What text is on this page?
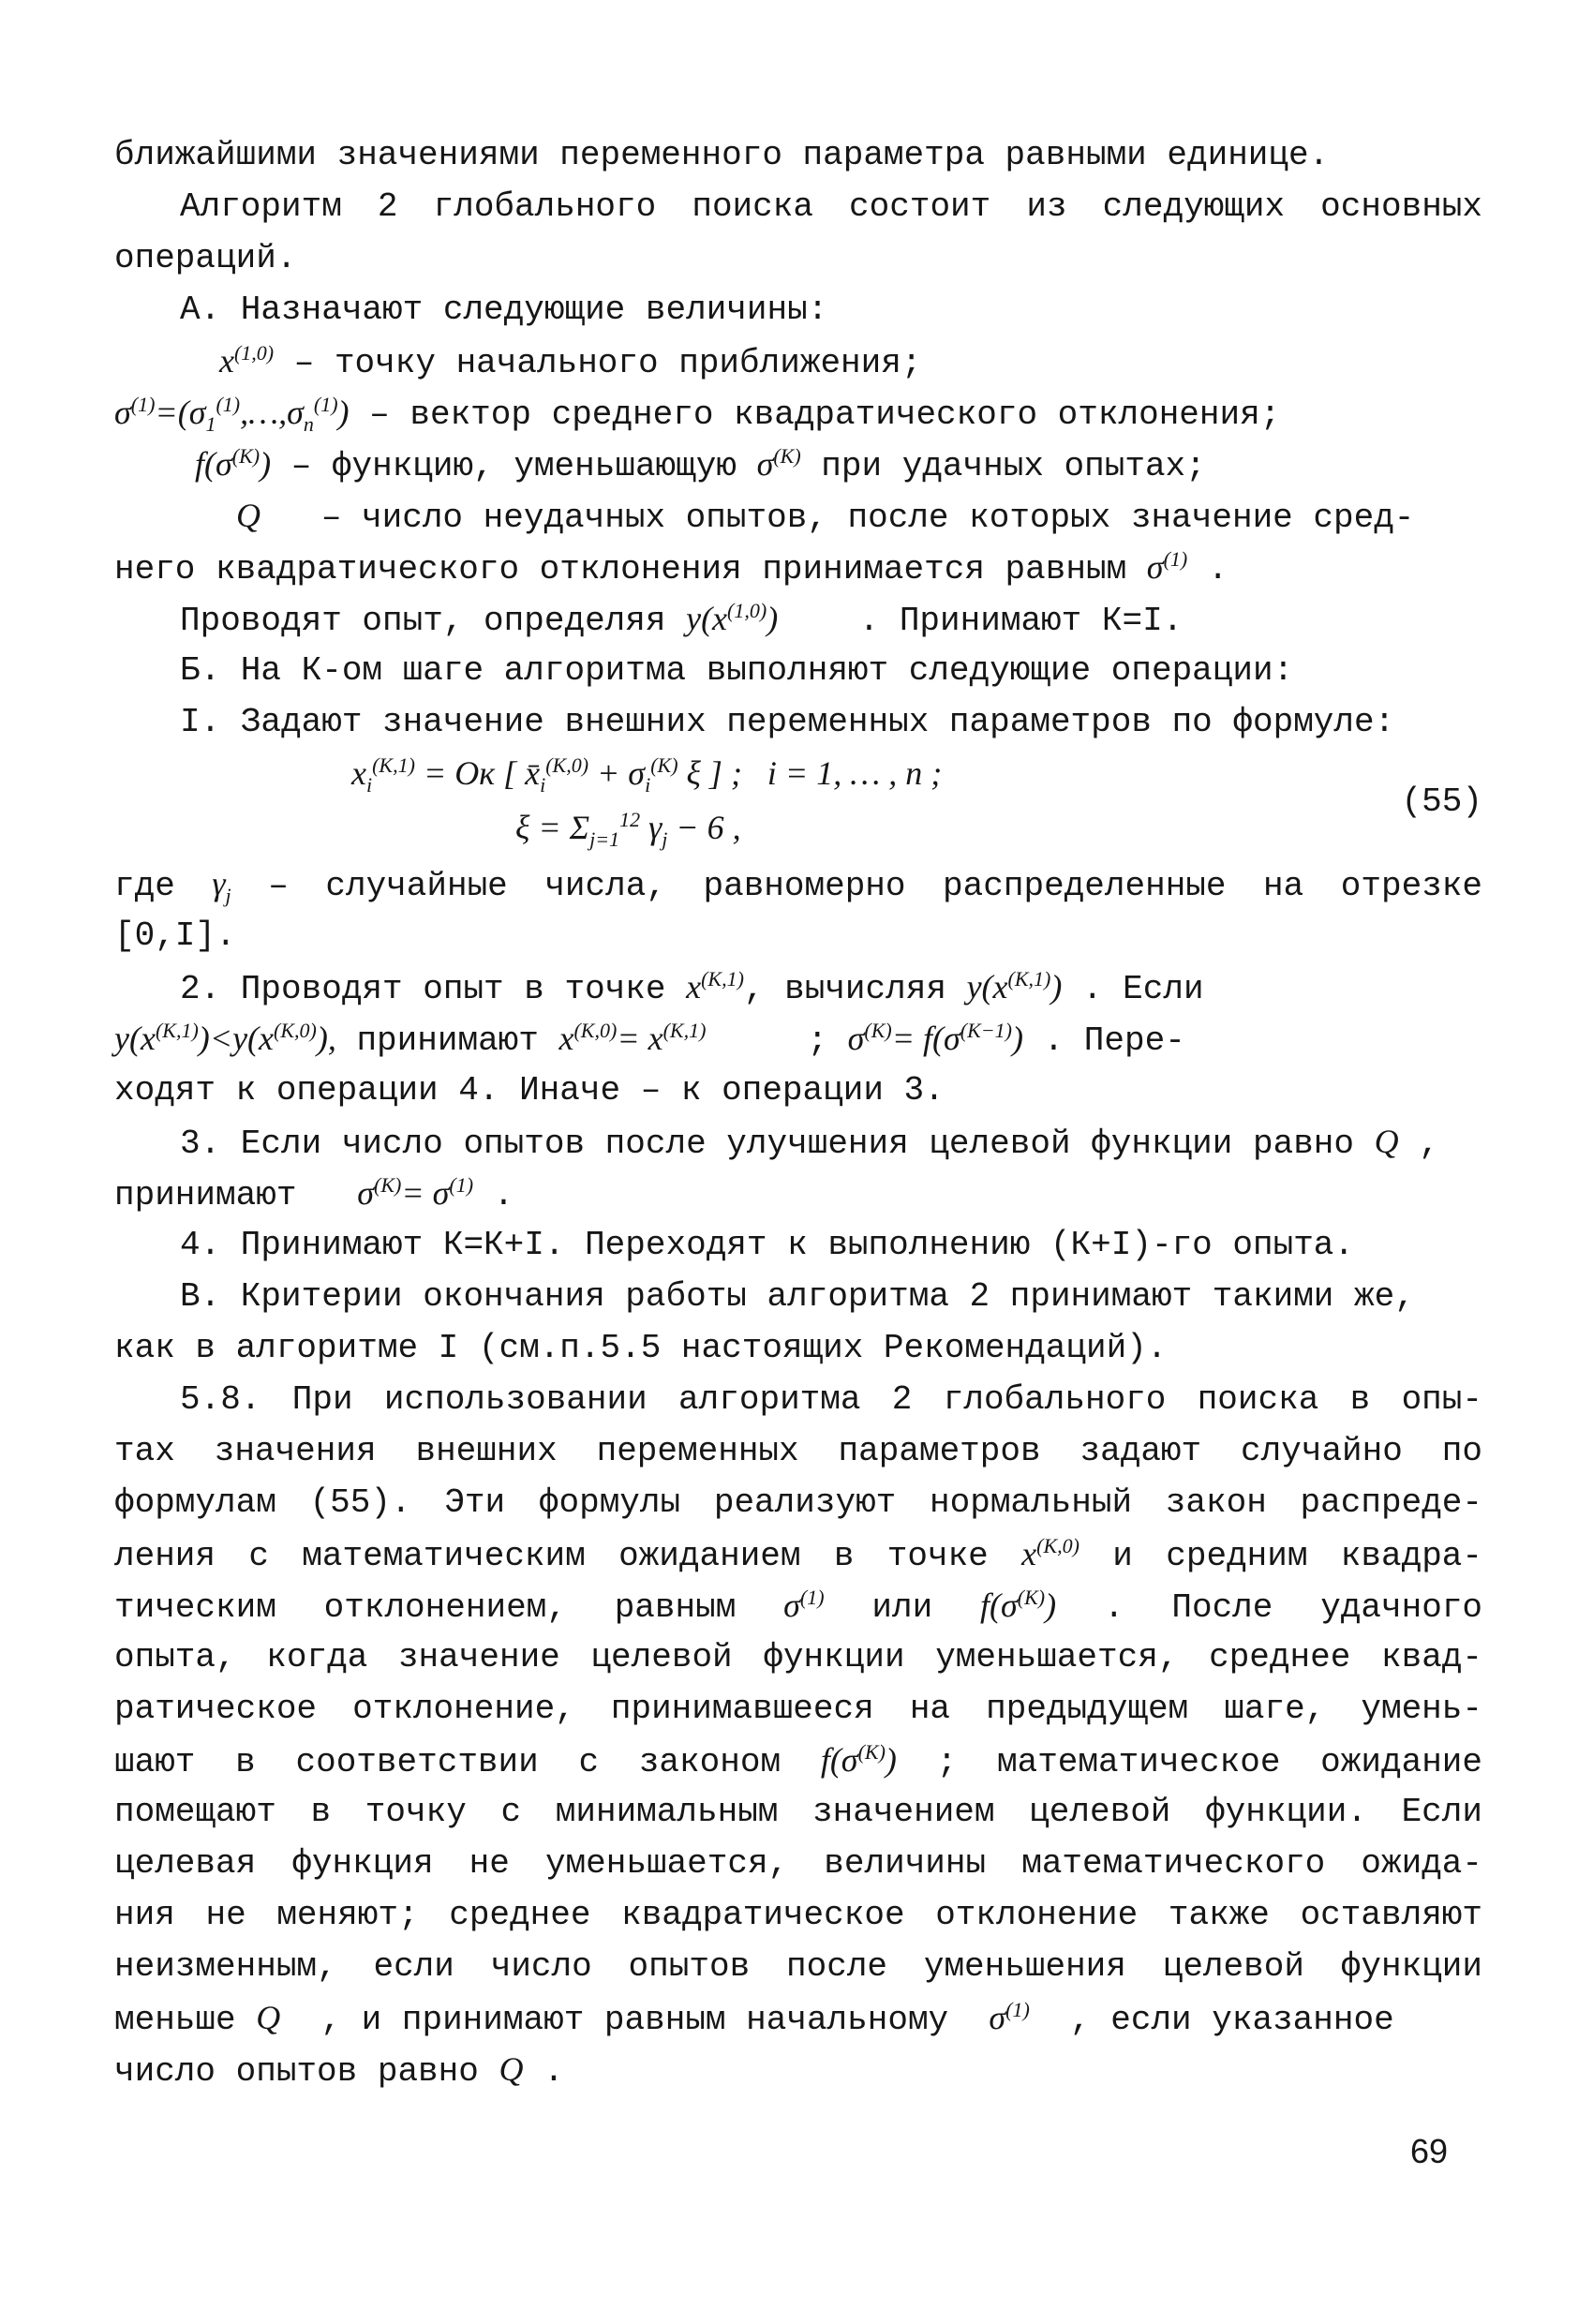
ближайшими значениями переменного параметра равными единице.
Алгоритм 2 глобального поиска состоит из следующих основных
операций.
А. Назначают следующие величины:
$x^{(1,0)}$ – точку начального приближения;
$\sigma^{(1)}=(\sigma_1^{(1)},\dots,\sigma_n^{(1)})$ – вектор среднего квадратического отклонения;
$f(\sigma^{(K)})$ – функцию, уменьшающую $\sigma^{(K)}$ при удачных опытах;
Q – число неудачных опытов, после которых значение сред-
него квадратического отклонения принимается равным $\sigma^{(1)}$ .
Проводят опыт, определяя $y(x^{(1,0)})$ . Принимают К=I.
Б. На К-ом шаге алгоритма выполняют следующие операции:
I. Задают значение внешних переменных параметров по формуле:
$x_i^{(K,1)}$ = Ок [ $x̄_i^{(K,0)} + \sigma_i^{(K)}$ ξ ] ;   i = 1, … , n ;
$\xi = \Sigma_{j=1}^{12}$ $\gamma_j - 6$ ,
(55)
где $\gamma_j$ – случайные числа, равномерно распределенные на отрезке
[0,I].
2. Проводят опыт в точке $x^{(K,1)}$, вычисляя $y(x^{(K,1)})$ . Если
$y(x^{(K,1)})<y(x^{(K,0)})$, принимают $x^{(K,0)}= x^{(K,1)}$     ; $\sigma^{(K)}= f(\sigma^{(K-1)})$ . Пере-
ходят к операции 4. Иначе – к операции 3.
3. Если число опытов после улучшения целевой функции равно Q ,
принимают $\sigma^{(K)}= \sigma^{(1)}$ .
4. Принимают К=К+I. Переходят к выполнению (К+I)-го опыта.
В. Критерии окончания работы алгоритма 2 принимают такими же,
как в алгоритме I (см.п.5.5 настоящих Рекомендаций).
5.8. При использовании алгоритма 2 глобального поиска в опы-
тах значения внешних переменных параметров задают случайно по
формулам (55). Эти формулы реализуют нормальный закон распреде-
ления с математическим ожиданием в точке $x^{(K,0)}$ и средним квадра-
тическим отклонением, равным $\sigma^{(1)}$ или $f(\sigma^{(K)})$ . После удачного
опыта, когда значение целевой функции уменьшается, среднее квад-
ратическое отклонение, принимавшееся на предыдущем шаге, умень-
шают в соответствии с законом $f(\sigma^{(K)})$ ; математическое ожидание
помещают в точку с минимальным значением целевой функции. Если
целевая функция не уменьшается, величины математического ожида-
ния не меняют; среднее квадратическое отклонение также оставляют
неизменным, если число опытов после уменьшения целевой функции
меньше Q , и принимают равным начальному $\sigma^{(1)}$ , если указанное
число опытов равно Q .
69
